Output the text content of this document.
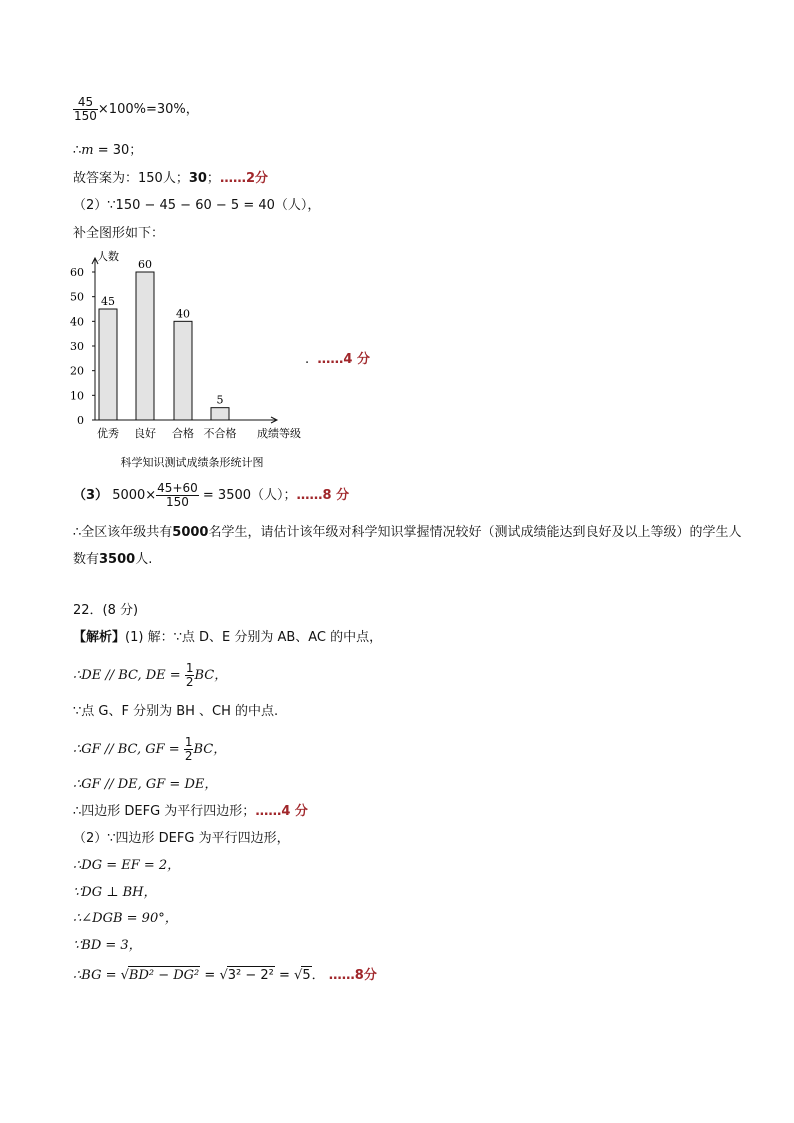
$\frac{45}{150} \times 100\%=30\%$，
∴m = 30；
故答案为：150人；30；……2分
（2）∵150 − 45 − 60 − 5 = 40（人），
补全图形如下：
人数
0
10
20
30
40
50
60
45
优秀
60
良好
40
合格
5
不合格 成绩等级
科学知识测试成绩条形统计图
. ……4 分
（3） $5000\times \frac{45+60}{150} = 3500$（人）；……8 分
∴全区该年级共有5000名学生，请估计该年级对科学知识掌握情况较好（测试成绩能达到良好及以上等级）的学生人数有3500人.
22．(8 分)
【解析】(1) 解：∵点 D、E 分别为 AB、AC 的中点，
∴DE // BC, DE = $\frac{1}{2}$ BC，
∵点 G、F 分别为 BH 、CH 的中点.
∴GF // BC, GF = $\frac{1}{2}$ BC，
∴GF // DE, GF = DE，
∴四边形 DEFG 为平行四边形；……4 分
（2）∵四边形 DEFG 为平行四边形，
∴DG = EF = 2，
∵DG ⊥ BH，
∴∠DGB = 90°，
∵BD = 3，
∴BG = √BD² − DG² = √3² − 2² = √5． ……8分
